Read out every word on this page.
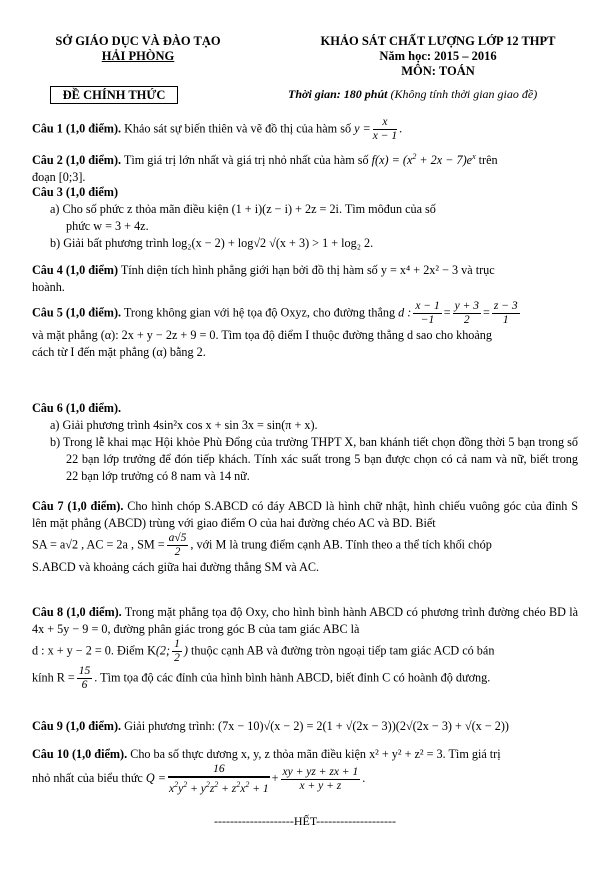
SỞ GIÁO DỤC VÀ ĐÀO TẠO
HẢI PHÒNG
KHẢO SÁT CHẤT LƯỢNG LỚP 12 THPT
Năm học: 2015 – 2016
MÔN: TOÁN
ĐỀ CHÍNH THỨC	Thời gian: 180 phút (Không tính thời gian giao đề)
Câu 1 (1,0 điểm). Khảo sát sự biến thiên và vẽ đồ thị của hàm số $y = \frac{x}{x - 1}$ .
Câu 2 (1,0 điểm). Tìm giá trị lớn nhất và giá trị nhỏ nhất của hàm số $f(x) = (x^2 + 2x - 7)e^x$ trên
đoạn [0;3].
Câu 3 (1,0 điểm)
a) Cho số phức z thỏa mãn điều kiện (1 + i)(z − i) + 2z = 2i. Tìm môđun của số
phức w = 3 + 4z.
b) Giải bất phương trình log₂(x − 2) + log√2 √(x + 3) > 1 + log₂ 2.
Câu 4 (1,0 điểm) Tính diện tích hình phẳng giới hạn bởi đồ thị hàm số y = x⁴ + 2x² − 3 và trục
hoành.
Câu 5 (1,0 điểm). Trong không gian với hệ tọa độ Oxyz, cho đường thẳng d : $\frac{x - 1}{-1} = \frac{y + 3}{2} = \frac{z - 3}{1}$

và mặt phẳng (α): 2x + y − 2z + 9 = 0. Tìm tọa độ điểm I thuộc đường thẳng d sao cho khoảng
cách từ I đến mặt phẳng (α) bằng 2.
Câu 6 (1,0 điểm).
a) Giải phương trình 4sin²x cos x + sin 3x = sin(π + x).
b) Trong lễ khai mạc Hội khỏe Phù Đổng của trường THPT X, ban khánh tiết chọn đồng thời 5 bạn trong số 22 bạn lớp trưởng để đón tiếp khách. Tính xác suất trong 5 bạn được chọn có cả nam và nữ, biết trong 22 bạn lớp trưởng có 8 nam và 14 nữ.
Câu 7 (1,0 điểm). Cho hình chóp S.ABCD có đáy ABCD là hình chữ nhật, hình chiếu vuông góc của đỉnh S lên mặt phẳng (ABCD) trùng với giao điểm O của hai đường chéo AC và BD. Biết
SA = a√2 , AC = 2a , SM = $\frac{a√5}{2}$ , với M là trung điểm cạnh AB. Tính theo a thể tích khối chóp
S.ABCD và khoảng cách giữa hai đường thẳng SM và AC.
Câu 8 (1,0 điểm). Trong mặt phẳng tọa độ Oxy, cho hình bình hành ABCD có phương trình đường chéo BD là 4x + 5y − 9 = 0, đường phân giác trong góc B của tam giác ABC là
d : x + y − 2 = 0. Điểm K(2; $\frac{1}{2}$ ) thuộc cạnh AB và đường tròn ngoại tiếp tam giác ACD có bán
kính $R = \frac{15}{6}$ . Tìm tọa độ các đỉnh của hình bình hành ABCD, biết đỉnh C có hoành độ dương.
Câu 9 (1,0 điểm). Giải phương trình: (7x − 10)√(x − 2) = 2(1 + √(2x − 3))(2√(2x − 3) + √(x − 2))
Câu 10 (1,0 điểm). Cho ba số thực dương x, y, z thỏa mãn điều kiện x² + y² + z² = 3. Tìm giá trị
nhỏ nhất của biểu thức $Q = \frac{16}{x^2y^2 + y^2z^2 + z^2x^2 + 1} + \frac{xy + yz + zx + 1}{x + y + z}$ .
--------------------HẾT--------------------
